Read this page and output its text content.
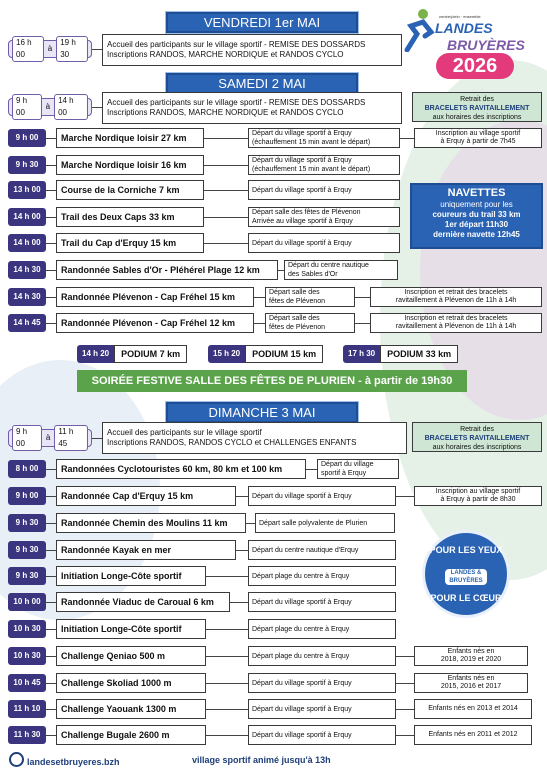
centre/plein · ensemble
LANDES
BRUYÈRES
2026
VENDREDI 1er MAI
16 h 00
à
19 h 30
Accueil des participants sur le village sportif - REMISE DES DOSSARDS
Inscriptions RANDOS, MARCHE NORDIQUE et RANDOS CYCLO
SAMEDI 2 MAI
9 h 00
à
14 h 00
Accueil des participants sur le village sportif - REMISE DES DOSSARDS
Inscriptions RANDOS, MARCHE NORDIQUE et RANDOS CYCLO
Retrait des
BRACELETS RAVITAILLEMENT
aux horaires des inscriptions
9 h 00	Marche Nordique loisir 27 km	Départ du village sportif à Erquy
(échauffement 15 min avant le départ)
Inscription au village sportif
à Erquy à partir de 7h45
9 h 30	Marche Nordique loisir 16 km	Départ du village sportif à Erquy
(échauffement 15 min avant le départ)
13 h 00	Course de la Corniche 7 km	Départ du village sportif à Erquy
14 h 00	Trail des Deux Caps 33 km	Départ salle des fêtes de Plévenon
Arrivée au village sportif à Erquy
14 h 00	Trail du Cap d'Erquy 15 km	Départ du village sportif à Erquy
14 h 30	Randonnée Sables d'Or - Pléhérel Plage 12 km	Départ du centre nautique
des Sables d'Or
14 h 30	Randonnée Plévenon - Cap Fréhel 15 km	Départ salle des
fêtes de Plévenon
Inscription et retrait des bracelets
ravitaillement à Plévenon de 11h à 14h
14 h 45	Randonnée Plévenon - Cap Fréhel 12 km	Départ salle des
fêtes de Plévenon
Inscription et retrait des bracelets
ravitaillement à Plévenon de 11h à 14h
NAVETTES
uniquement pour les
coureurs du trail 33 km
1er départ 11h30
dernière navette 12h45
14 h 20	PODIUM 7 km	15 h 20	PODIUM 15 km	17 h 30	PODIUM 33 km
SOIRÉE FESTIVE SALLE DES FÊTES DE PLURIEN - à partir de 19h30
DIMANCHE 3 MAI
9 h 00
à
11 h 45
Accueil des participants sur le village sportif
Inscriptions RANDOS, RANDOS CYCLO et CHALLENGES ENFANTS
Retrait des
BRACELETS RAVITAILLEMENT
aux horaires des inscriptions
8 h 00	Randonnées Cyclotouristes 60 km, 80 km et 100 km	Départ du village
sportif à Erquy
9 h 00	Randonnée Cap d'Erquy 15 km	Départ du village sportif à Erquy
Inscription au village sportif
à Erquy à partir de 8h30
9 h 30	Randonnée Chemin des Moulins 11 km	Départ salle polyvalente de Plurien
9 h 30	Randonnée Kayak en mer	Départ du centre nautique d'Erquy
9 h 30	Initiation Longe-Côte sportif	Départ plage du centre à Erquy
10 h 00	Randonnée Viaduc de Caroual 6 km	Départ du village sportif à Erquy
10 h 30	Initiation Longe-Côte sportif	Départ plage du centre à Erquy
10 h 30	Challenge Qeniao 500 m	Départ plage du centre à Erquy
Enfants nés en
2018, 2019 et 2020
10 h 45	Challenge Skoliad 1000 m	Départ du village sportif à Erquy
Enfants nés en
2015, 2016 et 2017
11 h 10	Challenge Yaouank 1300 m	Départ du village sportif à Erquy	Enfants nés en 2013 et 2014
11 h 30	Challenge Bugale 2600 m	Départ du village sportif à Erquy	Enfants nés en 2011 et 2012
POUR LES YEUX
LANDES & BRUYÈRES
POUR LE CŒUR
landesetbruyeres.bzh	village sportif animé jusqu'à 13h
